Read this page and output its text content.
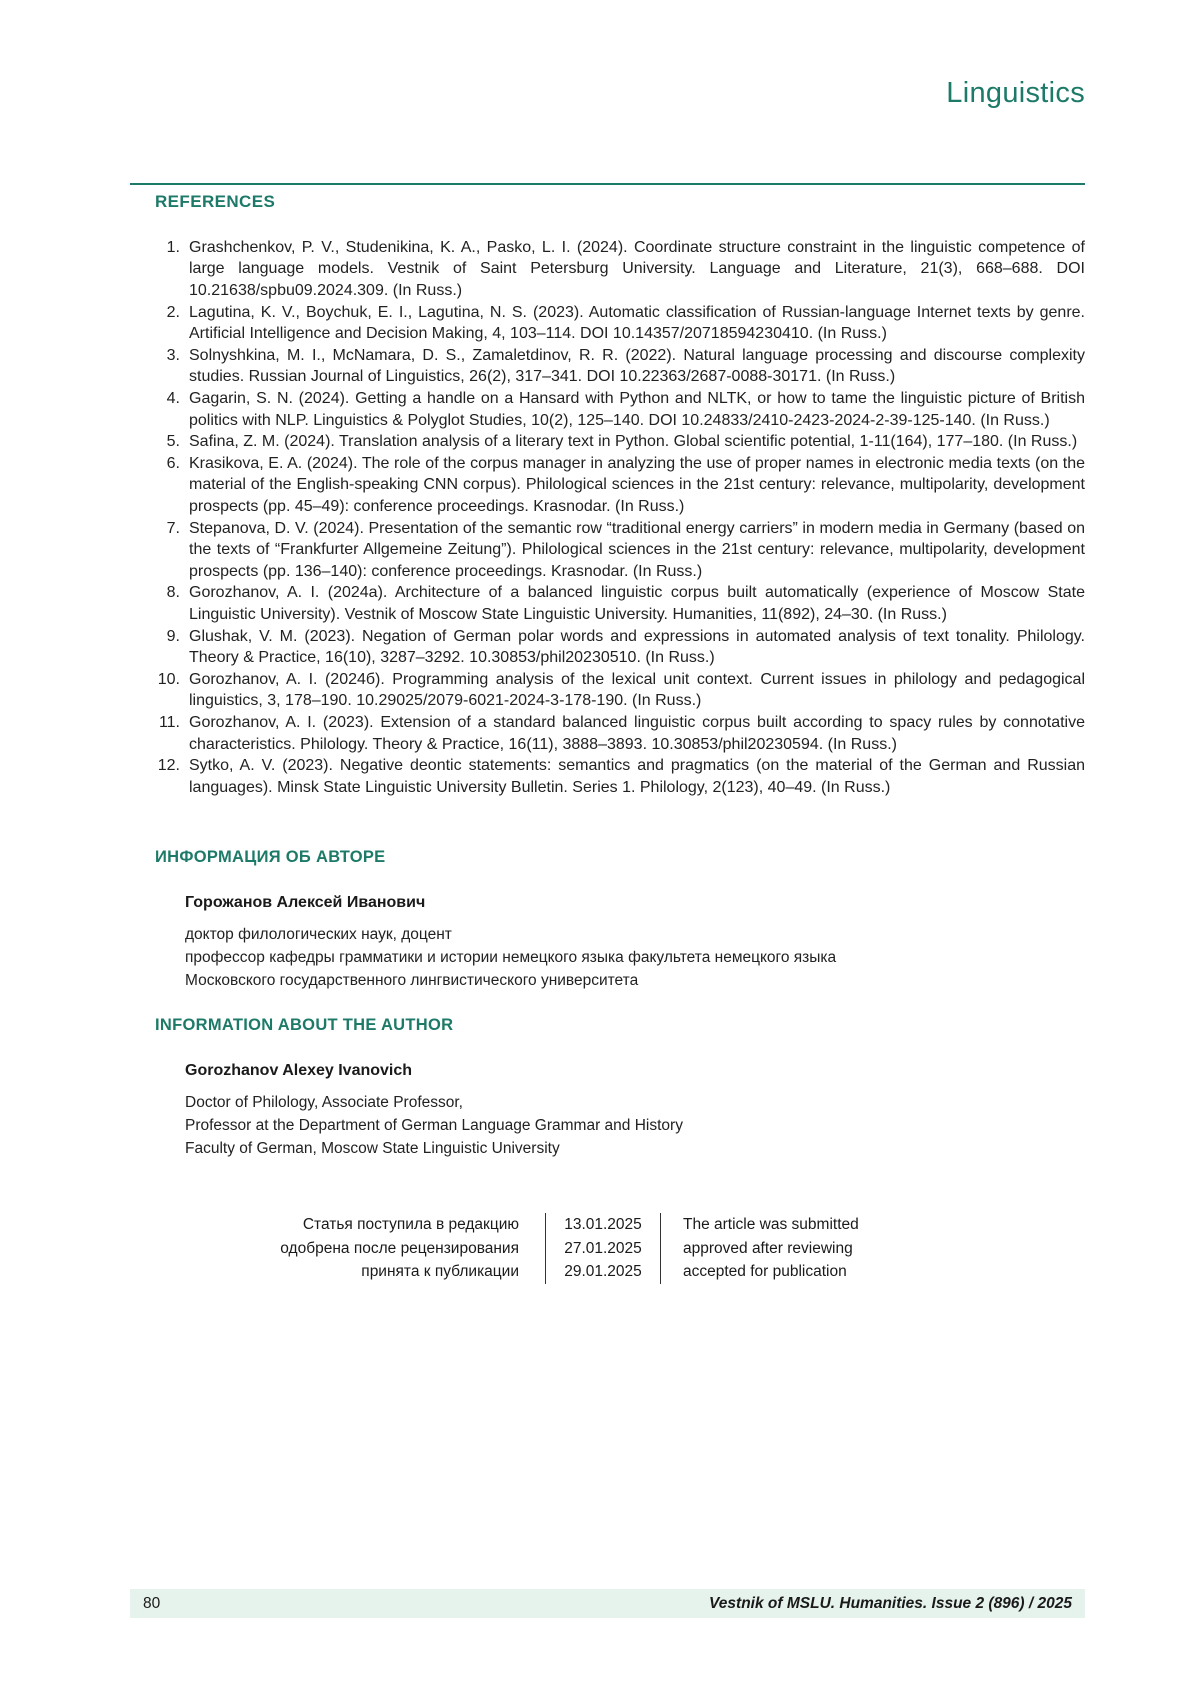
Linguistics
REFERENCES
1. Grashchenkov, P. V., Studenikina, K. A., Pasko, L. I. (2024). Coordinate structure constraint in the linguistic competence of large language models. Vestnik of Saint Petersburg University. Language and Literature, 21(3), 668–688. DOI 10.21638/spbu09.2024.309. (In Russ.)
2. Lagutina, K. V., Boychuk, E. I., Lagutina, N. S. (2023). Automatic classification of Russian-language Internet texts by genre. Artificial Intelligence and Decision Making, 4, 103–114. DOI 10.14357/20718594230410. (In Russ.)
3. Solnyshkina, M. I., McNamara, D. S., Zamaletdinov, R. R. (2022). Natural language processing and discourse complexity studies. Russian Journal of Linguistics, 26(2), 317–341. DOI 10.22363/2687-0088-30171. (In Russ.)
4. Gagarin, S. N. (2024). Getting a handle on a Hansard with Python and NLTK, or how to tame the linguistic picture of British politics with NLP. Linguistics & Polyglot Studies, 10(2), 125–140. DOI 10.24833/2410-2423-2024-2-39-125-140. (In Russ.)
5. Safina, Z. M. (2024). Translation analysis of a literary text in Python. Global scientific potential, 1-11(164), 177–180. (In Russ.)
6. Krasikova, E. A. (2024). The role of the corpus manager in analyzing the use of proper names in electronic media texts (on the material of the English-speaking CNN corpus). Philological sciences in the 21st century: relevance, multipolarity, development prospects (pp. 45–49): conference proceedings. Krasnodar. (In Russ.)
7. Stepanova, D. V. (2024). Presentation of the semantic row “traditional energy carriers” in modern media in Germany (based on the texts of “Frankfurter Allgemeine Zeitung”). Philological sciences in the 21st century: relevance, multipolarity, development prospects (pp. 136–140): conference proceedings. Krasnodar. (In Russ.)
8. Gorozhanov, A. I. (2024a). Architecture of a balanced linguistic corpus built automatically (experience of Moscow State Linguistic University). Vestnik of Moscow State Linguistic University. Humanities, 11(892), 24–30. (In Russ.)
9. Glushak, V. M. (2023). Negation of German polar words and expressions in automated analysis of text tonality. Philology. Theory & Practice, 16(10), 3287–3292. 10.30853/phil20230510. (In Russ.)
10. Gorozhanov, A. I. (2024б). Programming analysis of the lexical unit context. Current issues in philology and pedagogical linguistics, 3, 178–190. 10.29025/2079-6021-2024-3-178-190. (In Russ.)
11. Gorozhanov, A. I. (2023). Extension of a standard balanced linguistic corpus built according to spacy rules by connotative characteristics. Philology. Theory & Practice, 16(11), 3888–3893. 10.30853/phil20230594. (In Russ.)
12. Sytko, A. V. (2023). Negative deontic statements: semantics and pragmatics (on the material of the German and Russian languages). Minsk State Linguistic University Bulletin. Series 1. Philology, 2(123), 40–49. (In Russ.)
ИНФОРМАЦИЯ ОБ АВТОРЕ
Горожанов Алексей Иванович
доктор филологических наук, доцент
профессор кафедры грамматики и истории немецкого языка факультета немецкого языка
Московского государственного лингвистического университета
INFORMATION ABOUT THE AUTHOR
Gorozhanov Alexey Ivanovich
Doctor of Philology, Associate Professor,
Professor at the Department of German Language Grammar and History
Faculty of German, Moscow State Linguistic University
Статья поступила в редакцию
одобрена после рецензирования
принята к публикации
13.01.2025
27.01.2025
29.01.2025
The article was submitted
approved after reviewing
accepted for publication
80	Vestnik of MSLU. Humanities. Issue 2 (896) / 2025
